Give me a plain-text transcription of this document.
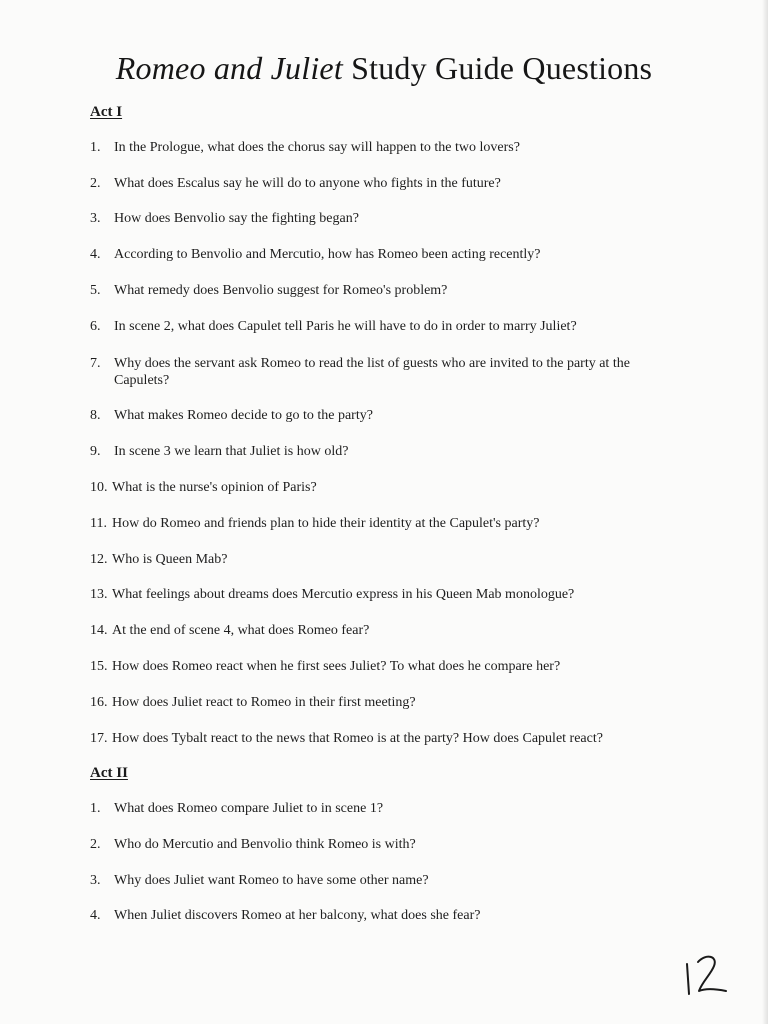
Romeo and Juliet Study Guide Questions
Act I
1. In the Prologue, what does the chorus say will happen to the two lovers?
2. What does Escalus say he will do to anyone who fights in the future?
3. How does Benvolio say the fighting began?
4. According to Benvolio and Mercutio, how has Romeo been acting recently?
5. What remedy does Benvolio suggest for Romeo's problem?
6. In scene 2, what does Capulet tell Paris he will have to do in order to marry Juliet?
7. Why does the servant ask Romeo to read the list of guests who are invited to the party at the Capulets?
8. What makes Romeo decide to go to the party?
9. In scene 3 we learn that Juliet is how old?
10. What is the nurse's opinion of Paris?
11. How do Romeo and friends plan to hide their identity at the Capulet's party?
12. Who is Queen Mab?
13. What feelings about dreams does Mercutio express in his Queen Mab monologue?
14. At the end of scene 4, what does Romeo fear?
15. How does Romeo react when he first sees Juliet? To what does he compare her?
16. How does Juliet react to Romeo in their first meeting?
17. How does Tybalt react to the news that Romeo is at the party? How does Capulet react?
Act II
1. What does Romeo compare Juliet to in scene 1?
2. Who do Mercutio and Benvolio think Romeo is with?
3. Why does Juliet want Romeo to have some other name?
4. When Juliet discovers Romeo at her balcony, what does she fear?
